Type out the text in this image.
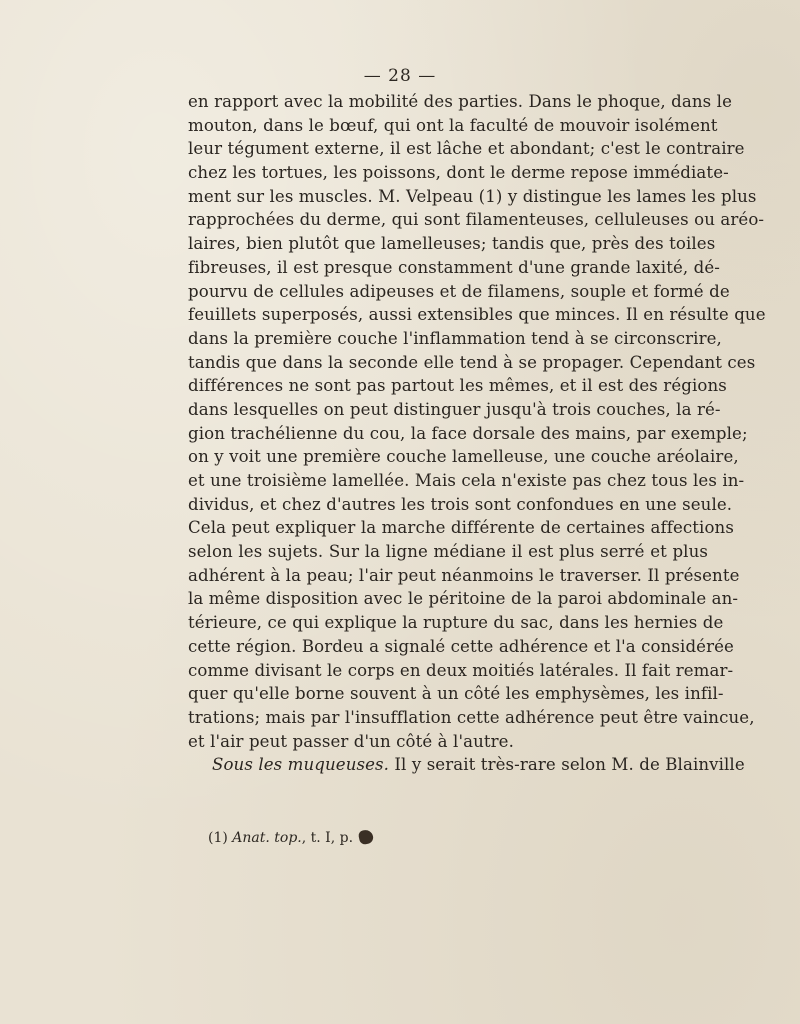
— 28 —
en rapport avec la mobilité des parties. Dans le phoque, dans le
mouton, dans le bœuf, qui ont la faculté de mouvoir isolément
leur tégument externe, il est lâche et abondant; c'est le contraire
chez les tortues, les poissons, dont le derme repose immédiate-
ment sur les muscles. M. Velpeau (1) y distingue les lames les plus
rapprochées du derme, qui sont filamenteuses, celluleuses ou aréo-
laires, bien plutôt que lamelleuses; tandis que, près des toiles
fibreuses, il est presque constamment d'une grande laxité, dé-
pourvu de cellules adipeuses et de filamens, souple et formé de
feuillets superposés, aussi extensibles que minces. Il en résulte que
dans la première couche l'inflammation tend à se circonscrire,
tandis que dans la seconde elle tend à se propager. Cependant ces
différences ne sont pas partout les mêmes, et il est des régions
dans lesquelles on peut distinguer jusqu'à trois couches, la ré-
gion trachélienne du cou, la face dorsale des mains, par exemple;
on y voit une première couche lamelleuse, une couche aréolaire,
et une troisième lamellée. Mais cela n'existe pas chez tous les in-
dividus, et chez d'autres les trois sont confondues en une seule.
Cela peut expliquer la marche différente de certaines affections
selon les sujets. Sur la ligne médiane il est plus serré et plus
adhérent à la peau; l'air peut néanmoins le traverser. Il présente
la même disposition avec le péritoine de la paroi abdominale an-
térieure, ce qui explique la rupture du sac, dans les hernies de
cette région. Bordeu a signalé cette adhérence et l'a considérée
comme divisant le corps en deux moitiés latérales. Il fait remar-
quer qu'elle borne souvent à un côté les emphysèmes, les infil-
trations; mais par l'insufflation cette adhérence peut être vaincue,
et l'air peut passer d'un côté à l'autre.
Sous les muqueuses. Il y serait très-rare selon M. de Blainville
(1) Anat. top., t. I, p.
